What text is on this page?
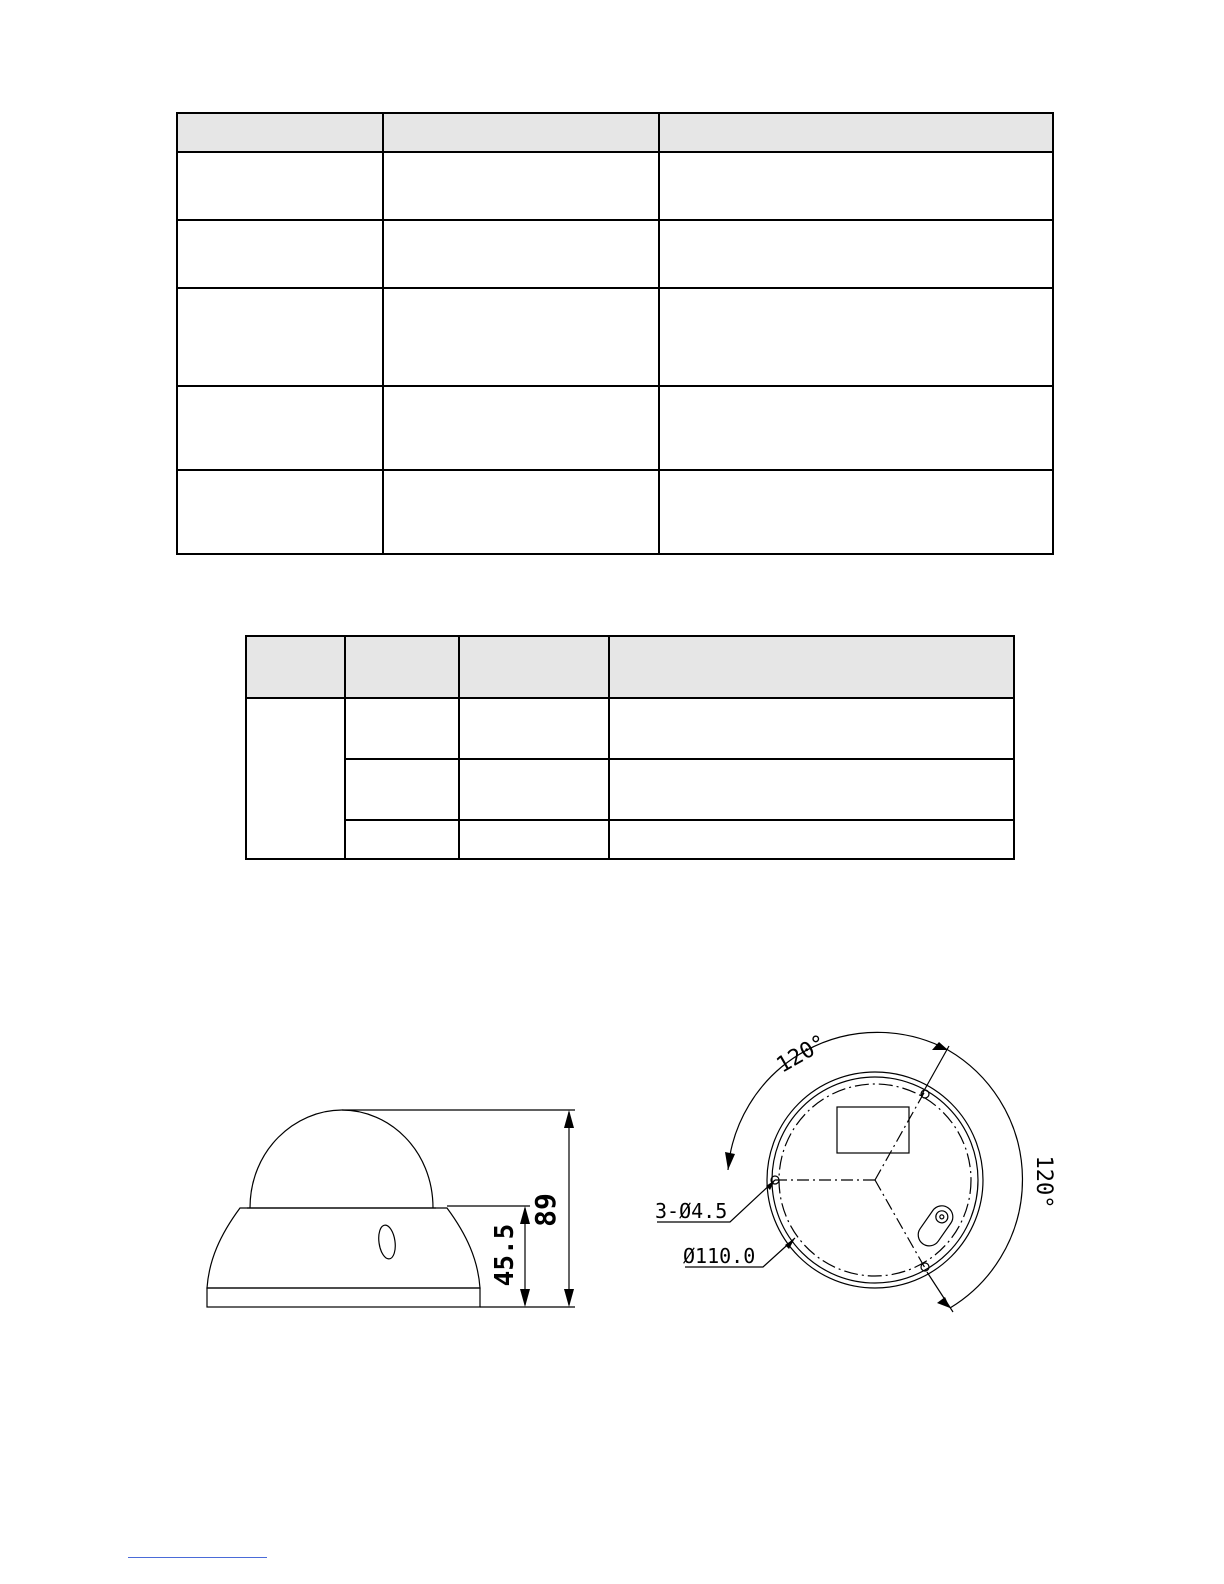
89
45.5
120°
120°
3-Ø4.5
Ø110.0
